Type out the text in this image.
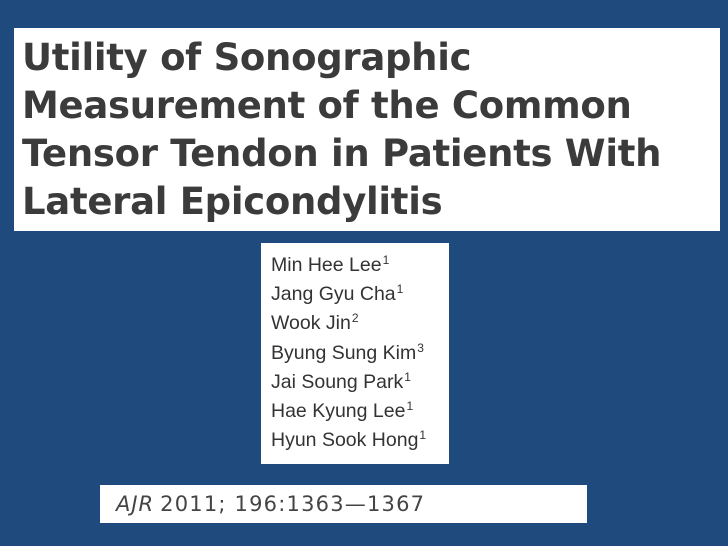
Utility of Sonographic
Measurement of the Common
Tensor Tendon in Patients With
Lateral Epicondylitis
Min Hee Lee$^1$
Jang Gyu Cha$^1$
Wook Jin$^2$
Byung Sung Kim$^3$
Jai Soung Park$^1$
Hae Kyung Lee$^1$
Hyun Sook Hong$^1$
AJR 2011; 196:1363—1367
